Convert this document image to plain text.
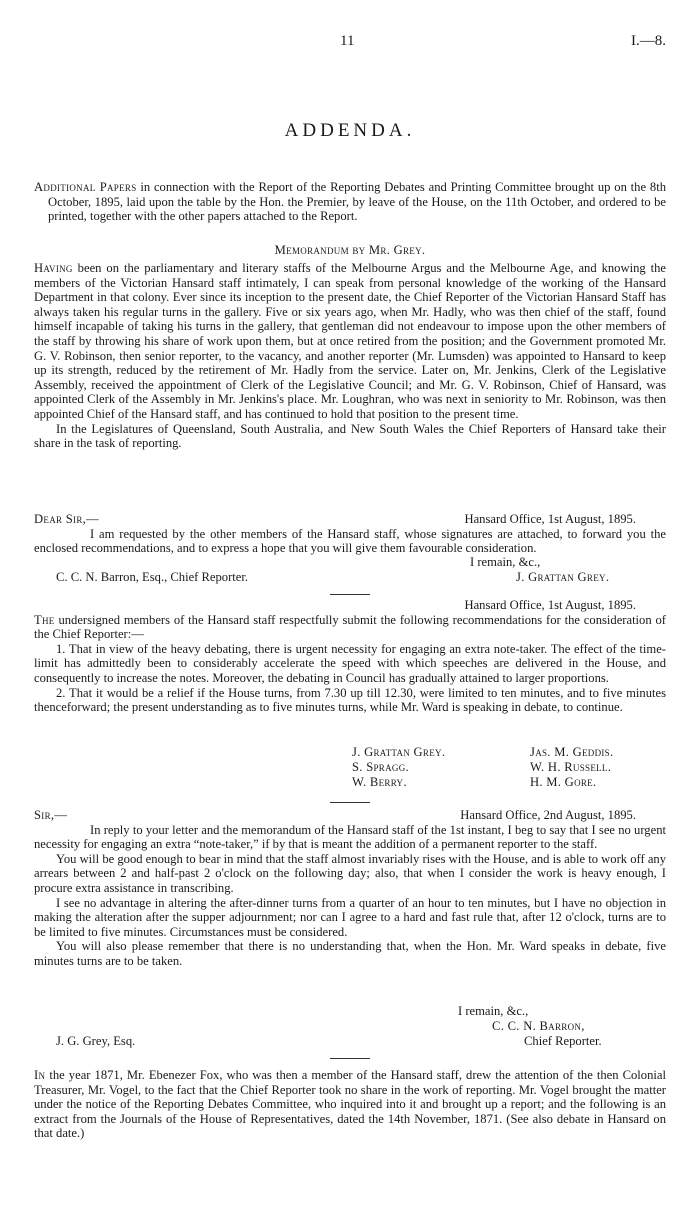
11	I.—8.
ADDENDA.

Additional Papers in connection with the Report of the Reporting Debates and Printing Committee brought up on the 8th October, 1895, laid upon the table by the Hon. the Premier, by leave of the House, on the 11th October, and ordered to be printed, together with the other papers attached to the Report.

Memorandum by Mr. Grey.

Having been on the parliamentary and literary staffs of the Melbourne Argus and the Melbourne Age, and knowing the members of the Victorian Hansard staff intimately, I can speak from personal knowledge of the working of the Hansard Department in that colony. Ever since its inception to the present date, the Chief Reporter of the Victorian Hansard Staff has always taken his regular turns in the gallery. Five or six years ago, when Mr. Hadly, who was then chief of the staff, found himself incapable of taking his turns in the gallery, that gentleman did not endeavour to impose upon the other members of the staff by throwing his share of work upon them, but at once retired from the position; and the Government promoted Mr. G. V. Robinson, then senior reporter, to the vacancy, and another reporter (Mr. Lumsden) was appointed to Hansard to keep up its strength, reduced by the retirement of Mr. Hadly from the service. Later on, Mr. Jenkins, Clerk of the Legislative Assembly, received the appointment of Clerk of the Legislative Council; and Mr. G. V. Robinson, Chief of Hansard, was appointed Clerk of the Assembly in Mr. Jenkins's place. Mr. Loughran, who was next in seniority to Mr. Robinson, was then appointed Chief of the Hansard staff, and has continued to hold that position to the present time.

In the Legislatures of Queensland, South Australia, and New South Wales the Chief Reporters of Hansard take their share in the task of reporting.

Dear Sir,—	Hansard Office, 1st August, 1895.

I am requested by the other members of the Hansard staff, whose signatures are attached, to forward you the enclosed recommendations, and to express a hope that you will give them favourable consideration.

I remain, &c.,
C. C. N. Barron, Esq., Chief Reporter.	J. Grattan Grey.
Hansard Office, 1st August, 1895.

The undersigned members of the Hansard staff respectfully submit the following recommendations for the consideration of the Chief Reporter:—

1. That in view of the heavy debating, there is urgent necessity for engaging an extra note-taker. The effect of the time-limit has admittedly been to considerably accelerate the speed with which speeches are delivered in the House, and consequently to increase the notes. Moreover, the debating in Council has gradually attained to larger proportions.

2. That it would be a relief if the House turns, from 7.30 up till 12.30, were limited to ten minutes, and to five minutes thenceforward; the present understanding as to five minutes turns, while Mr. Ward is speaking in debate, to continue.

J. Grattan Grey.
S. Spragg.
W. Berry.
Jas. M. Geddis.
W. H. Russell.
H. M. Gore.
Sir,—	Hansard Office, 2nd August, 1895.

In reply to your letter and the memorandum of the Hansard staff of the 1st instant, I beg to say that I see no urgent necessity for engaging an extra “note-taker,” if by that is meant the addition of a permanent reporter to the staff.

You will be good enough to bear in mind that the staff almost invariably rises with the House, and is able to work off any arrears between 2 and half-past 2 o'clock on the following day; also, that when I consider the work is heavy enough, I procure extra assistance in transcribing.

I see no advantage in altering the after-dinner turns from a quarter of an hour to ten minutes, but I have no objection in making the alteration after the supper adjournment; nor can I agree to a hard and fast rule that, after 12 o'clock, turns are to be limited to five minutes. Circumstances must be considered.

You will also please remember that there is no understanding that, when the Hon. Mr. Ward speaks in debate, five minutes turns are to be taken.

I remain, &c.,
C. C. N. Barron,
J. G. Grey, Esq.	Chief Reporter.

In the year 1871, Mr. Ebenezer Fox, who was then a member of the Hansard staff, drew the attention of the then Colonial Treasurer, Mr. Vogel, to the fact that the Chief Reporter took no share in the work of reporting. Mr. Vogel brought the matter under the notice of the Reporting Debates Committee, who inquired into it and brought up a report; and the following is an extract from the Journals of the House of Representatives, dated the 14th November, 1871. (See also debate in Hansard on that date.)
